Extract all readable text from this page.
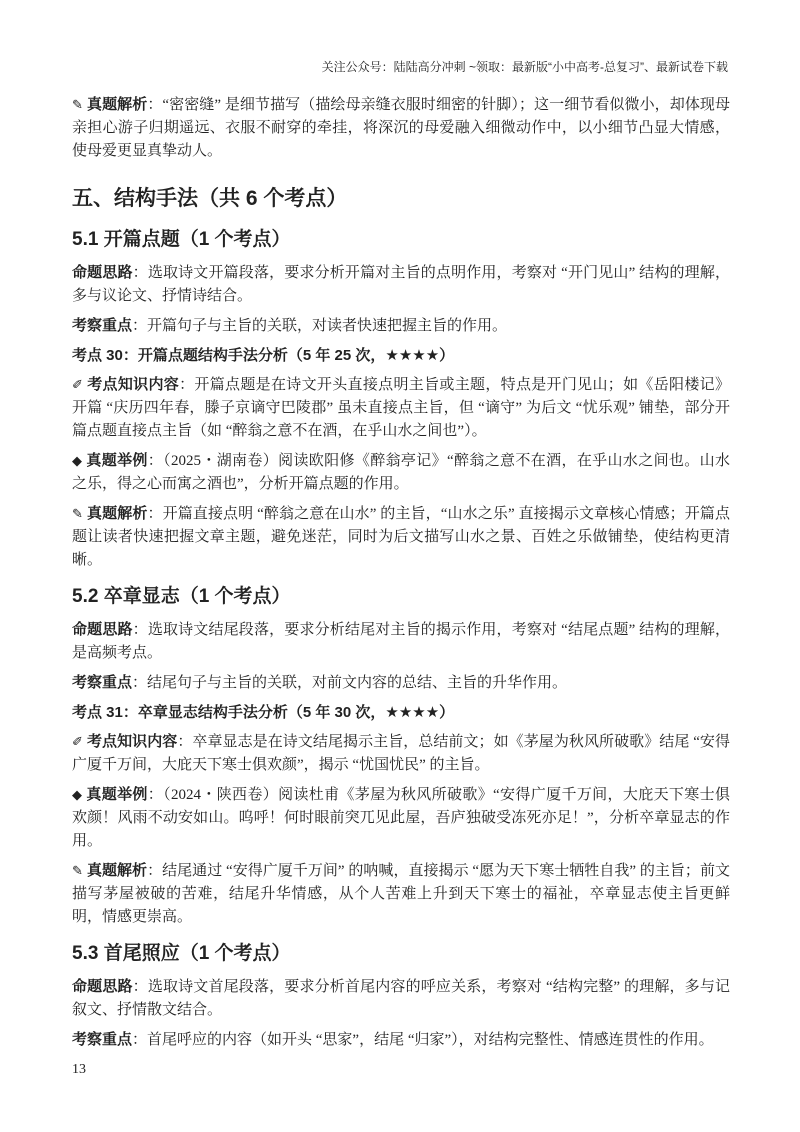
关注公众号：陆陆高分冲刺 ~领取：最新版“小中高考-总复习”、最新试卷下载

✎ 真题解析：“密密缝” 是细节描写（描绘母亲缝衣服时细密的针脚）；这一细节看似微小，却体现母亲担心游子归期遥远、衣服不耐穿的牵挂，将深沉的母爱融入细微动作中，以小细节凸显大情感，使母爱更显真挚动人。

五、结构手法（共 6 个考点）
5.1 开篇点题（1 个考点）

命题思路：选取诗文开篇段落，要求分析开篇对主旨的点明作用，考察对 “开门见山” 结构的理解，多与议论文、抒情诗结合。

考察重点：开篇句子与主旨的关联，对读者快速把握主旨的作用。

考点 30：开篇点题结构手法分析（5 年 25 次，★★★★）

✐ 考点知识内容：开篇点题是在诗文开头直接点明主旨或主题，特点是开门见山；如《岳阳楼记》开篇 “庆历四年春，滕子京谪守巴陵郡” 虽未直接点主旨，但 “谪守” 为后文 “忧乐观” 铺垫，部分开篇点题直接点主旨（如 “醉翁之意不在酒，在乎山水之间也”）。

◆ 真题举例：（2025・湖南卷）阅读欧阳修《醉翁亭记》“醉翁之意不在酒，在乎山水之间也。山水之乐，得之心而寓之酒也”，分析开篇点题的作用。

✎ 真题解析：开篇直接点明 “醉翁之意在山水” 的主旨，“山水之乐” 直接揭示文章核心情感；开篇点题让读者快速把握文章主题，避免迷茫，同时为后文描写山水之景、百姓之乐做铺垫，使结构更清晰。

5.2 卒章显志（1 个考点）

命题思路：选取诗文结尾段落，要求分析结尾对主旨的揭示作用，考察对 “结尾点题” 结构的理解，是高频考点。

考察重点：结尾句子与主旨的关联，对前文内容的总结、主旨的升华作用。

考点 31：卒章显志结构手法分析（5 年 30 次，★★★★）

✐ 考点知识内容：卒章显志是在诗文结尾揭示主旨，总结前文；如《茅屋为秋风所破歌》结尾 “安得广厦千万间，大庇天下寒士俱欢颜”，揭示 “忧国忧民” 的主旨。

◆ 真题举例：（2024・陕西卷）阅读杜甫《茅屋为秋风所破歌》“安得广厦千万间，大庇天下寒士俱欢颜！风雨不动安如山。呜呼！何时眼前突兀见此屋，吾庐独破受冻死亦足！”，分析卒章显志的作用。

✎ 真题解析：结尾通过 “安得广厦千万间” 的呐喊，直接揭示 “愿为天下寒士牺牲自我” 的主旨；前文描写茅屋被破的苦难，结尾升华情感，从个人苦难上升到天下寒士的福祉，卒章显志使主旨更鲜明，情感更崇高。

5.3 首尾照应（1 个考点）

命题思路：选取诗文首尾段落，要求分析首尾内容的呼应关系，考察对 “结构完整” 的理解，多与记叙文、抒情散文结合。

考察重点：首尾呼应的内容（如开头 “思家”，结尾 “归家”），对结构完整性、情感连贯性的作用。

13
